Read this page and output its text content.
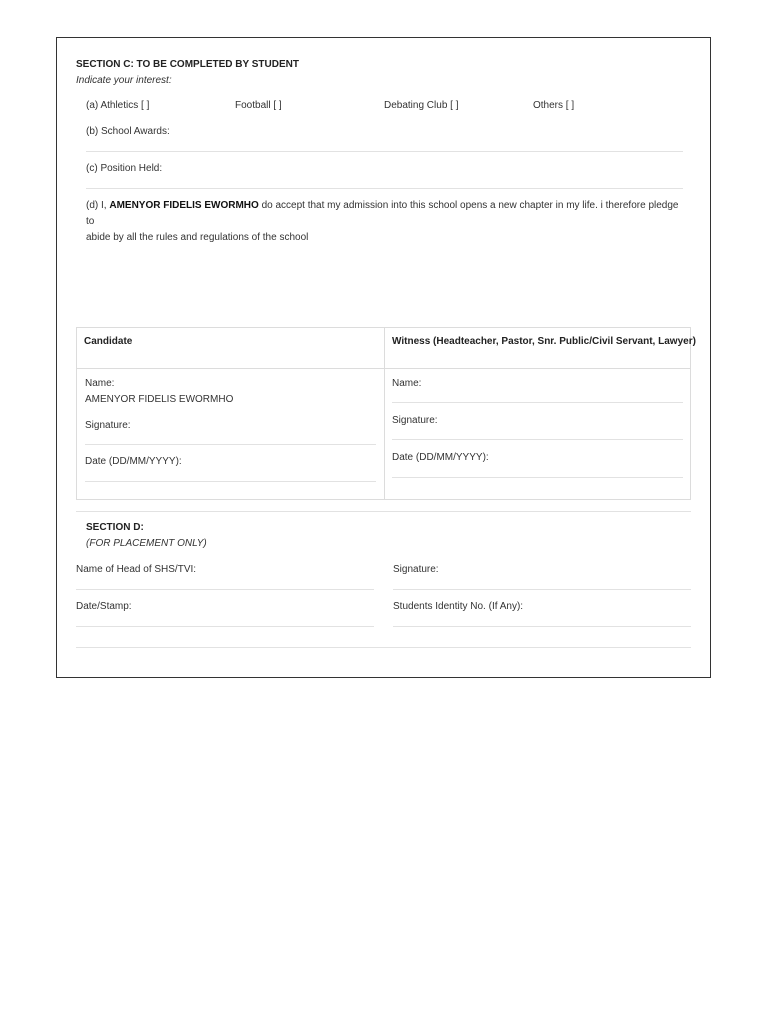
SECTION C: TO BE COMPLETED BY STUDENT
Indicate your interest:
(a) Athletics [ ]	Football [ ]	Debating Club [ ]	Others [ ]
(b) School Awards:
(c) Position Held:
(d) I, AMENYOR FIDELIS EWORMHO do accept that my admission into this school opens a new chapter in my life. i therefore pledge to
abide by all the rules and regulations of the school
Candidate	Witness (Headteacher, Pastor, Snr. Public/Civil Servant, Lawyer)
Name:
AMENYOR FIDELIS EWORMHO
Signature:
Date (DD/MM/YYYY):
Name:
Signature:
Date (DD/MM/YYYY):
SECTION D:
(FOR PLACEMENT ONLY)
Name of Head of SHS/TVI:	Signature:
Date/Stamp:	Students Identity No. (If Any):
